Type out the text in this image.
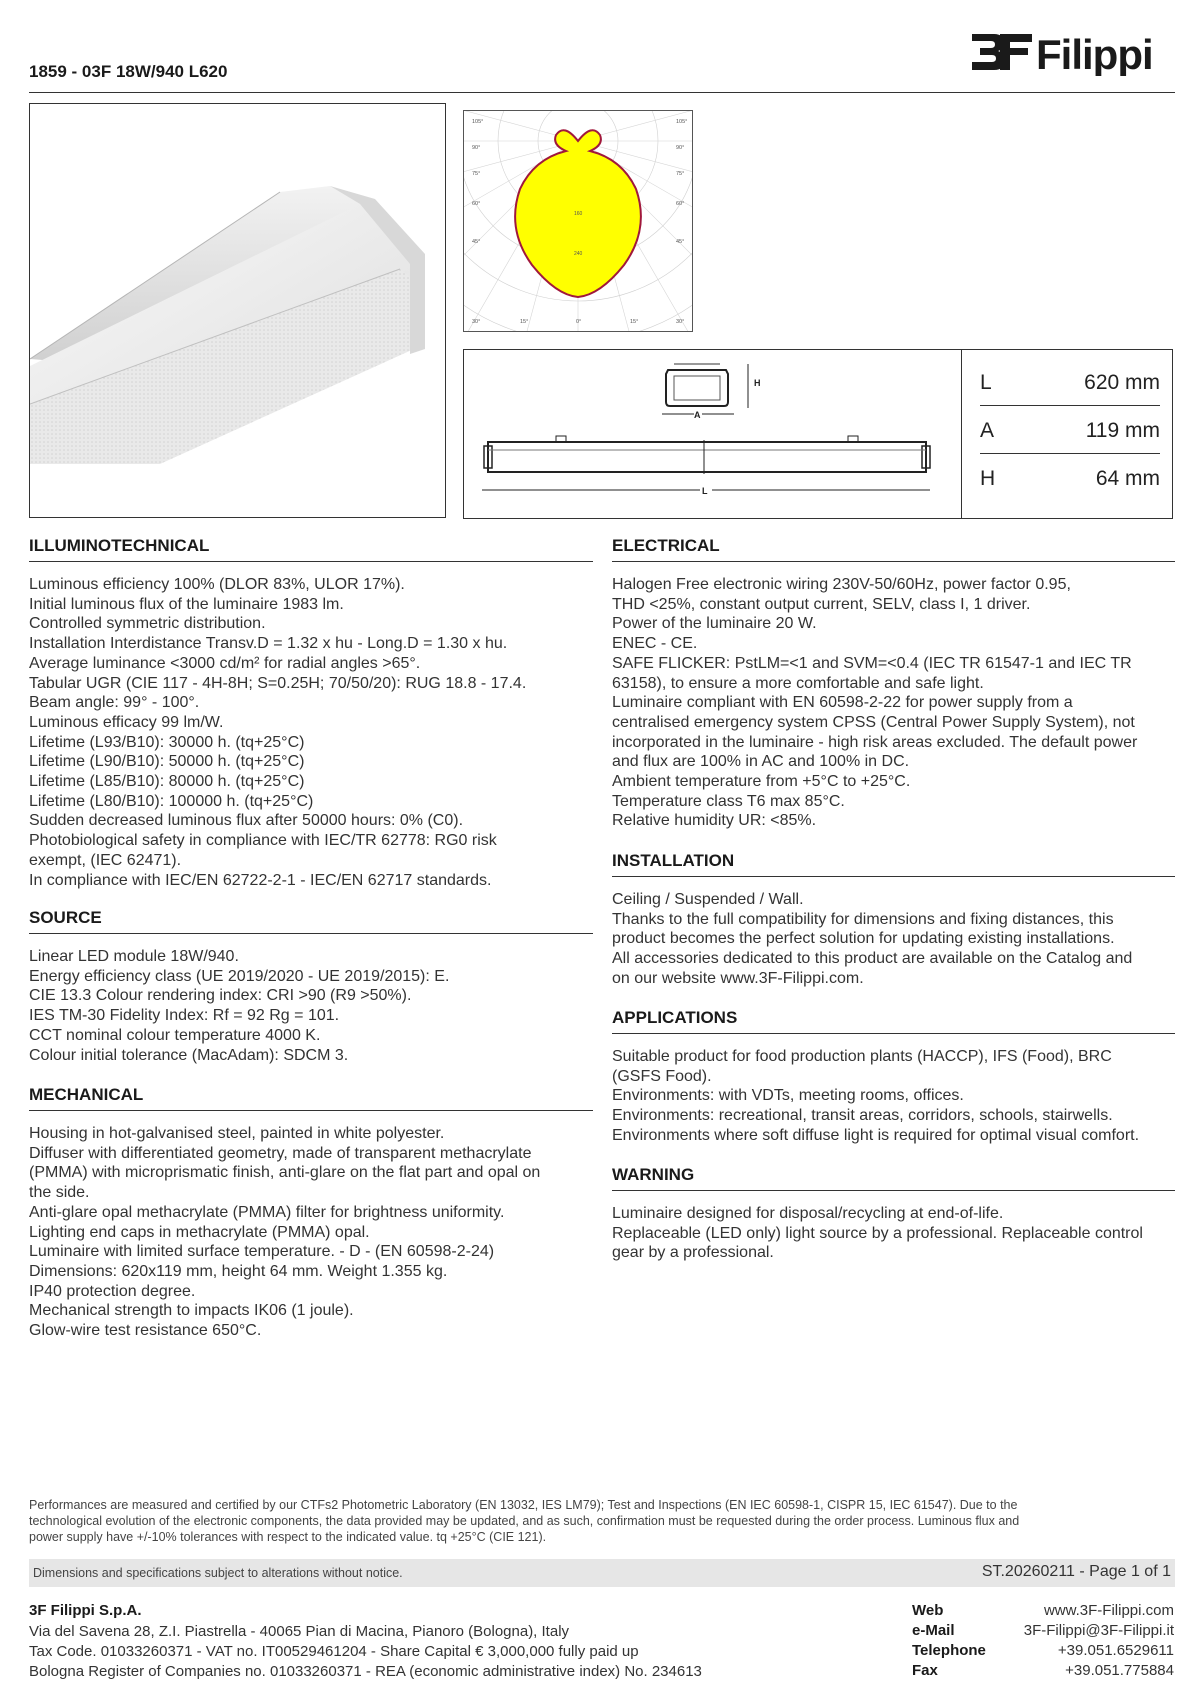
1859 - 03F 18W/940 L620	Filippi
105°
90°
75°
60°
45°
105°
90°
75°
60°
45°
30°	15°	0°	15°	30°
160
240
H
A
L
L	620 mm
A	119 mm
H	64 mm
ILLUMINOTECHNICAL
Luminous efficiency 100% (DLOR 83%, ULOR 17%).
Initial luminous flux of the luminaire 1983 lm.
Controlled symmetric distribution.
Installation Interdistance Transv.D = 1.32 x hu - Long.D = 1.30 x hu.
Average luminance <3000 cd/m² for radial angles >65°.
Tabular UGR (CIE 117 - 4H-8H; S=0.25H; 70/50/20): RUG 18.8 - 17.4.
Beam angle: 99° - 100°.
Luminous efficacy 99 lm/W.
Lifetime (L93/B10): 30000 h. (tq+25°C)
Lifetime (L90/B10): 50000 h. (tq+25°C)
Lifetime (L85/B10): 80000 h. (tq+25°C)
Lifetime (L80/B10): 100000 h. (tq+25°C)
Sudden decreased luminous flux after 50000 hours: 0% (C0).
Photobiological safety in compliance with IEC/TR 62778: RG0 risk
exempt, (IEC 62471).
In compliance with IEC/EN 62722-2-1 - IEC/EN 62717 standards.
SOURCE
Linear LED module 18W/940.
Energy efficiency class (UE 2019/2020 - UE 2019/2015): E.
CIE 13.3 Colour rendering index: CRI >90 (R9 >50%).
IES TM-30 Fidelity Index: Rf = 92 Rg = 101.
CCT nominal colour temperature 4000 K.
Colour initial tolerance (MacAdam): SDCM 3.
MECHANICAL
Housing in hot-galvanised steel, painted in white polyester.
Diffuser with differentiated geometry, made of transparent methacrylate
(PMMA) with microprismatic finish, anti-glare on the flat part and opal on
the side.
Anti-glare opal methacrylate (PMMA) filter for brightness uniformity.
Lighting end caps in methacrylate (PMMA) opal.
Luminaire with limited surface temperature. - D - (EN 60598-2-24)
Dimensions: 620x119 mm, height 64 mm. Weight 1.355 kg.
IP40 protection degree.
Mechanical strength to impacts IK06 (1 joule).
Glow-wire test resistance 650°C.
ELECTRICAL
Halogen Free electronic wiring 230V-50/60Hz, power factor 0.95,
THD <25%, constant output current, SELV, class I, 1 driver.
Power of the luminaire 20 W.
ENEC - CE.
SAFE FLICKER: PstLM=<1 and SVM=<0.4 (IEC TR 61547-1 and IEC TR
63158), to ensure a more comfortable and safe light.
Luminaire compliant with EN 60598-2-22 for power supply from a
centralised emergency system CPSS (Central Power Supply System), not
incorporated in the luminaire - high risk areas excluded. The default power
and flux are 100% in AC and 100% in DC.
Ambient temperature from +5°C to +25°C.
Temperature class T6 max 85°C.
Relative humidity UR: <85%.
INSTALLATION
Ceiling / Suspended / Wall.
Thanks to the full compatibility for dimensions and fixing distances, this
product becomes the perfect solution for updating existing installations.
All accessories dedicated to this product are available on the Catalog and
on our website www.3F-Filippi.com.
APPLICATIONS
Suitable product for food production plants (HACCP), IFS (Food), BRC
(GSFS Food).
Environments: with VDTs, meeting rooms, offices.
Environments: recreational, transit areas, corridors, schools, stairwells.
Environments where soft diffuse light is required for optimal visual comfort.
WARNING
Luminaire designed for disposal/recycling at end-of-life.
Replaceable (LED only) light source by a professional. Replaceable control
gear by a professional.
Performances are measured and certified by our CTFs2 Photometric Laboratory (EN 13032, IES LM79); Test and Inspections (EN IEC 60598-1, CISPR 15, IEC 61547). Due to the
technological evolution of the electronic components, the data provided may be updated, and as such, confirmation must be requested during the order process. Luminous flux and
power supply have +/-10% tolerances with respect to the indicated value. tq +25°C (CIE 121).
Dimensions and specifications subject to alterations without notice.	ST.20260211 - Page 1 of 1
3F Filippi S.p.A.
Via del Savena 28, Z.I. Piastrella - 40065 Pian di Macina, Pianoro (Bologna), Italy
Tax Code. 01033260371 - VAT no. IT00529461204 - Share Capital € 3,000,000 fully paid up
Bologna Register of Companies no. 01033260371 - REA (economic administrative index) No. 234613
Web	www.3F-Filippi.com
e-Mail	3F-Filippi@3F-Filippi.it
Telephone	+39.051.6529611
Fax	+39.051.775884
